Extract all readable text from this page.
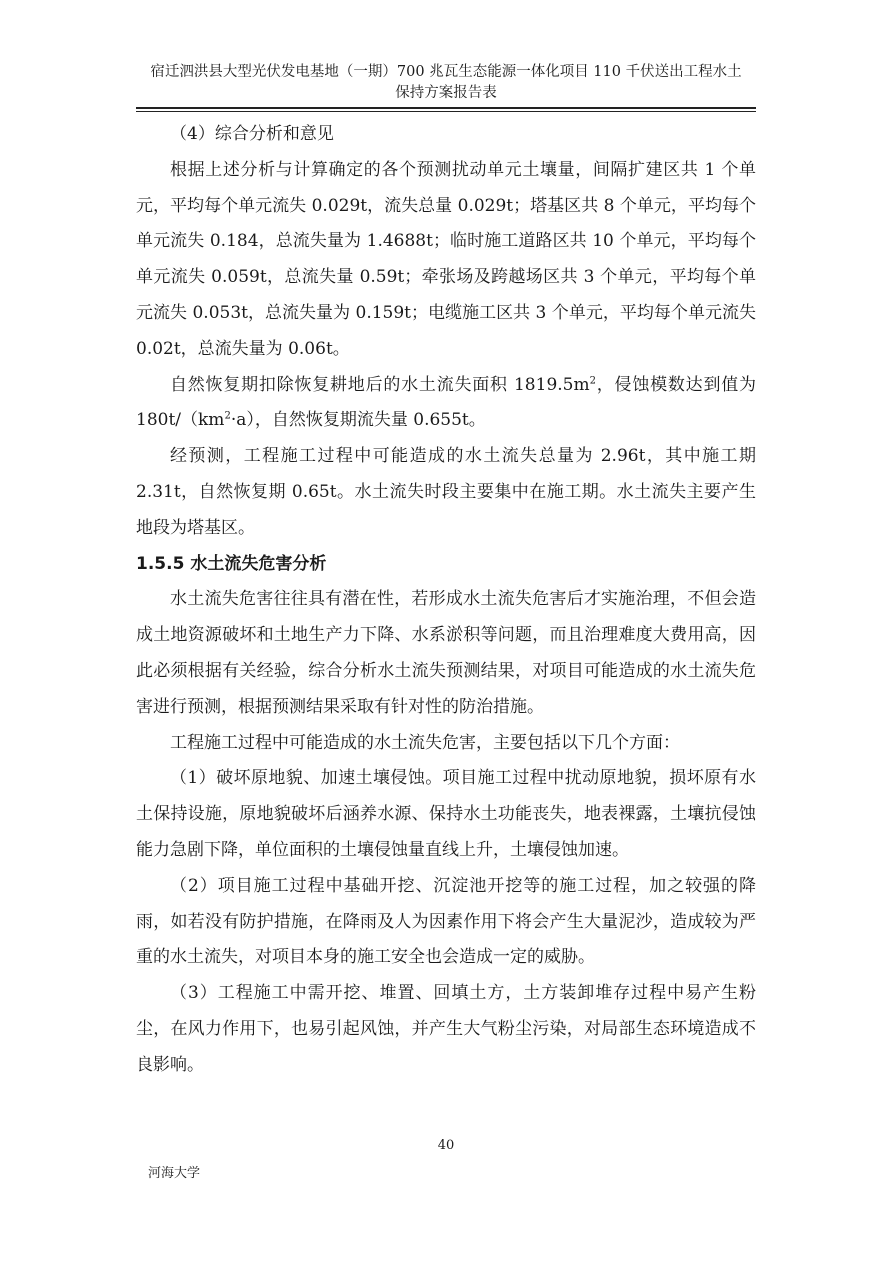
宿迁泗洪县大型光伏发电基地（一期）700 兆瓦生态能源一体化项目 110 千伏送出工程水土
保持方案报告表

（4）综合分析和意见

根据上述分析与计算确定的各个预测扰动单元土壤量，间隔扩建区共 1 个单元，平均每个单元流失 0.029t，流失总量 0.029t；塔基区共 8 个单元，平均每个单元流失 0.184，总流失量为 1.4688t；临时施工道路区共 10 个单元，平均每个单元流失 0.059t，总流失量 0.59t；牵张场及跨越场区共 3 个单元，平均每个单元流失 0.053t，总流失量为 0.159t；电缆施工区共 3 个单元，平均每个单元流失 0.02t，总流失量为 0.06t。

自然恢复期扣除恢复耕地后的水土流失面积 $1819.5m^2$，侵蚀模数达到值为 $180t/(km^2\cdot a)$，自然恢复期流失量 0.655t。

经预测，工程施工过程中可能造成的水土流失总量为 2.96t，其中施工期 2.31t，自然恢复期 0.65t。水土流失时段主要集中在施工期。水土流失主要产生地段为塔基区。

1.5.5 水土流失危害分析

水土流失危害往往具有潜在性，若形成水土流失危害后才实施治理，不但会造成土地资源破坏和土地生产力下降、水系淤积等问题，而且治理难度大费用高，因此必须根据有关经验，综合分析水土流失预测结果，对项目可能造成的水土流失危害进行预测，根据预测结果采取有针对性的防治措施。

工程施工过程中可能造成的水土流失危害，主要包括以下几个方面：

（1）破坏原地貌、加速土壤侵蚀。项目施工过程中扰动原地貌，损坏原有水土保持设施，原地貌破坏后涵养水源、保持水土功能丧失，地表裸露，土壤抗侵蚀能力急剧下降，单位面积的土壤侵蚀量直线上升，土壤侵蚀加速。

（2）项目施工过程中基础开挖、沉淀池开挖等的施工过程，加之较强的降雨，如若没有防护措施，在降雨及人为因素作用下将会产生大量泥沙，造成较为严重的水土流失，对项目本身的施工安全也会造成一定的威胁。

（3）工程施工中需开挖、堆置、回填土方，土方装卸堆存过程中易产生粉尘，在风力作用下，也易引起风蚀，并产生大气粉尘污染，对局部生态环境造成不良影响。

40
河海大学
